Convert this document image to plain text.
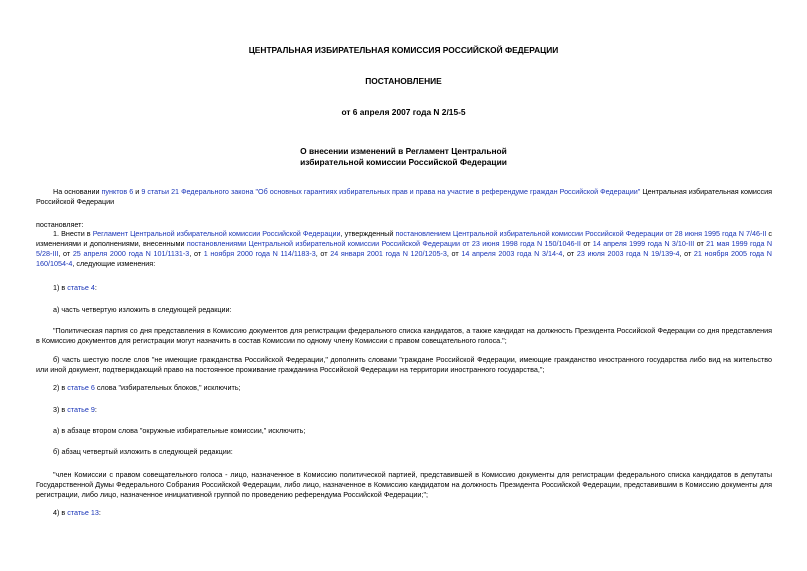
ЦЕНТРАЛЬНАЯ ИЗБИРАТЕЛЬНАЯ КОМИССИЯ РОССИЙСКОЙ ФЕДЕРАЦИИ
ПОСТАНОВЛЕНИЕ
от 6 апреля 2007 года N 2/15-5
О внесении изменений в Регламент Центральной
избирательной комиссии Российской Федерации

На основании пунктов 6 и 9 статьи 21 Федерального закона "Об основных гарантиях избирательных прав и права на участие в референдуме граждан Российской Федерации" Центральная избирательная комиссия Российской Федерации

постановляет:

1. Внести в Регламент Центральной избирательной комиссии Российской Федерации, утвержденный постановлением Центральной избирательной комиссии Российской Федерации от 28 июня 1995 года N 7/46-II с изменениями и дополнениями, внесенными постановлениями Центральной избирательной комиссии Российской Федерации от 23 июня 1998 года N 150/1046-II от 14 апреля 1999 года N 3/10-III от 21 мая 1999 года N 5/28-III, от 25 апреля 2000 года N 101/1131-3, от 1 ноября 2000 года N 114/1183-3, от 24 января 2001 года N 120/1205-3, от 14 апреля 2003 года N 3/14-4, от 23 июля 2003 года N 19/139-4, от 21 ноября 2005 года N 160/1054-4, следующие изменения:

1) в статье 4:

а) часть четвертую изложить в следующей редакции:

"Политическая партия со дня представления в Комиссию документов для регистрации федерального списка кандидатов, а также кандидат на должность Президента Российской Федерации со дня представления в Комиссию документов для регистрации могут назначить в состав Комиссии по одному члену Комиссии с правом совещательного голоса.";

б) часть шестую после слов "не имеющие гражданства Российской Федерации," дополнить словами "граждане Российской Федерации, имеющие гражданство иностранного государства либо вид на жительство или иной документ, подтверждающий право на постоянное проживание гражданина Российской Федерации на территории иностранного государства,";

2) в статье 6 слова "избирательных блоков," исключить;

3) в статье 9:

а) в абзаце втором слова "окружные избирательные комиссии," исключить;

б) абзац четвертый изложить в следующей редакции:

"член Комиссии с правом совещательного голоса - лицо, назначенное в Комиссию политической партией, представившей в Комиссию документы для регистрации федерального списка кандидатов в депутаты Государственной Думы Федерального Собрания Российской Федерации, либо лицо, назначенное в Комиссию кандидатом на должность Президента Российской Федерации, представившим в Комиссию документы для регистрации, либо лицо, назначенное инициативной группой по проведению референдума Российской Федерации;";

4) в статье 13:
